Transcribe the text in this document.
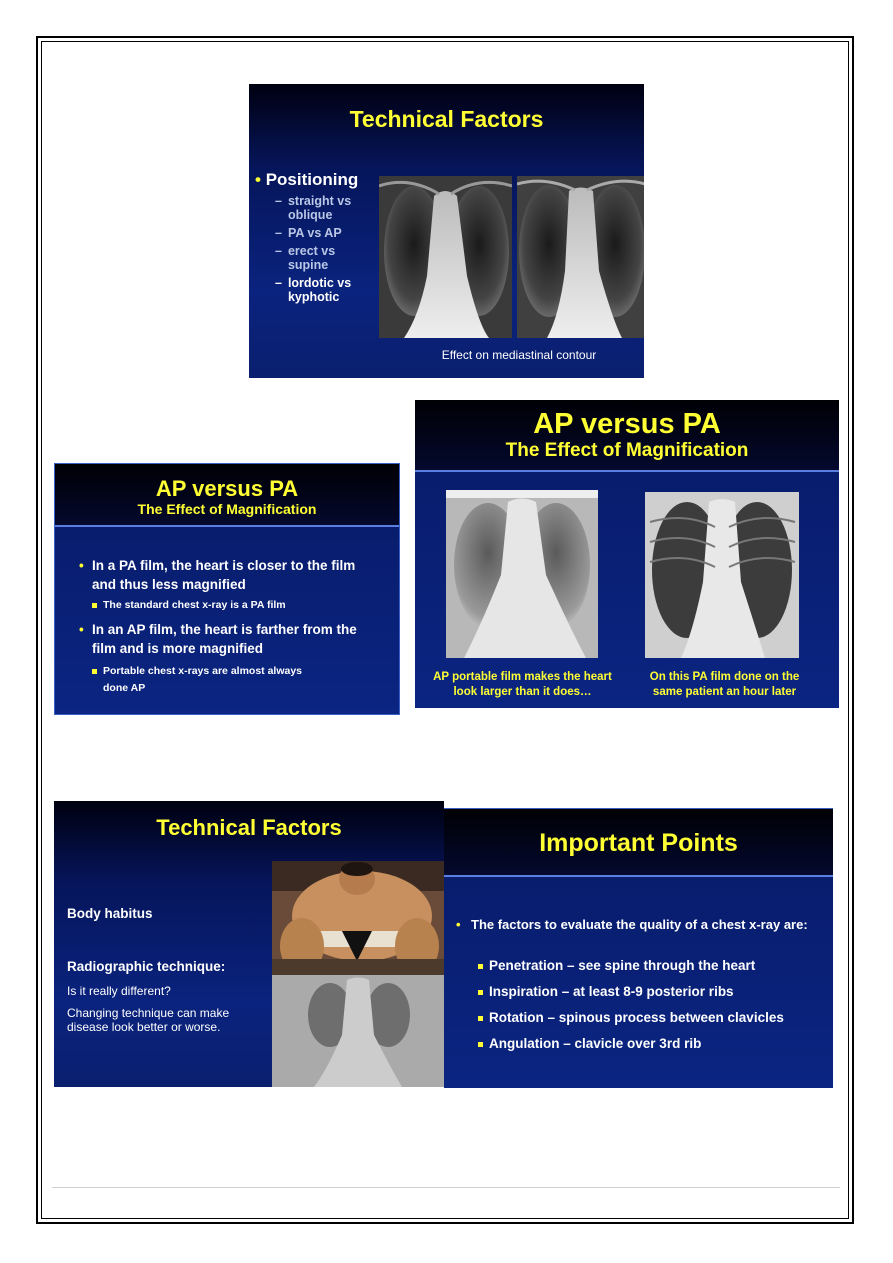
Technical Factors
• Positioning
– straight vs oblique
– PA vs AP
– erect vs supine
– lordotic vs kyphotic
Effect on mediastinal contour
AP versus PA
The Effect of Magnification
• In a PA film, the heart is closer to the film and thus less magnified
The standard chest x-ray is a PA film
• In an AP film, the heart is farther from the film and is more magnified
Portable chest x-rays are almost always done AP
AP versus PA
The Effect of Magnification
AP portable film makes the heart look larger than it does…
On this PA film done on the same patient an hour later
Technical Factors
Body habitus
Radiographic technique:
Is it really different?
Changing technique can make disease look better or worse.
Important Points
• The factors to evaluate the quality of a chest x-ray are:
Penetration – see spine through the heart
Inspiration – at least 8-9 posterior ribs
Rotation – spinous process between clavicles
Angulation – clavicle over 3rd rib
